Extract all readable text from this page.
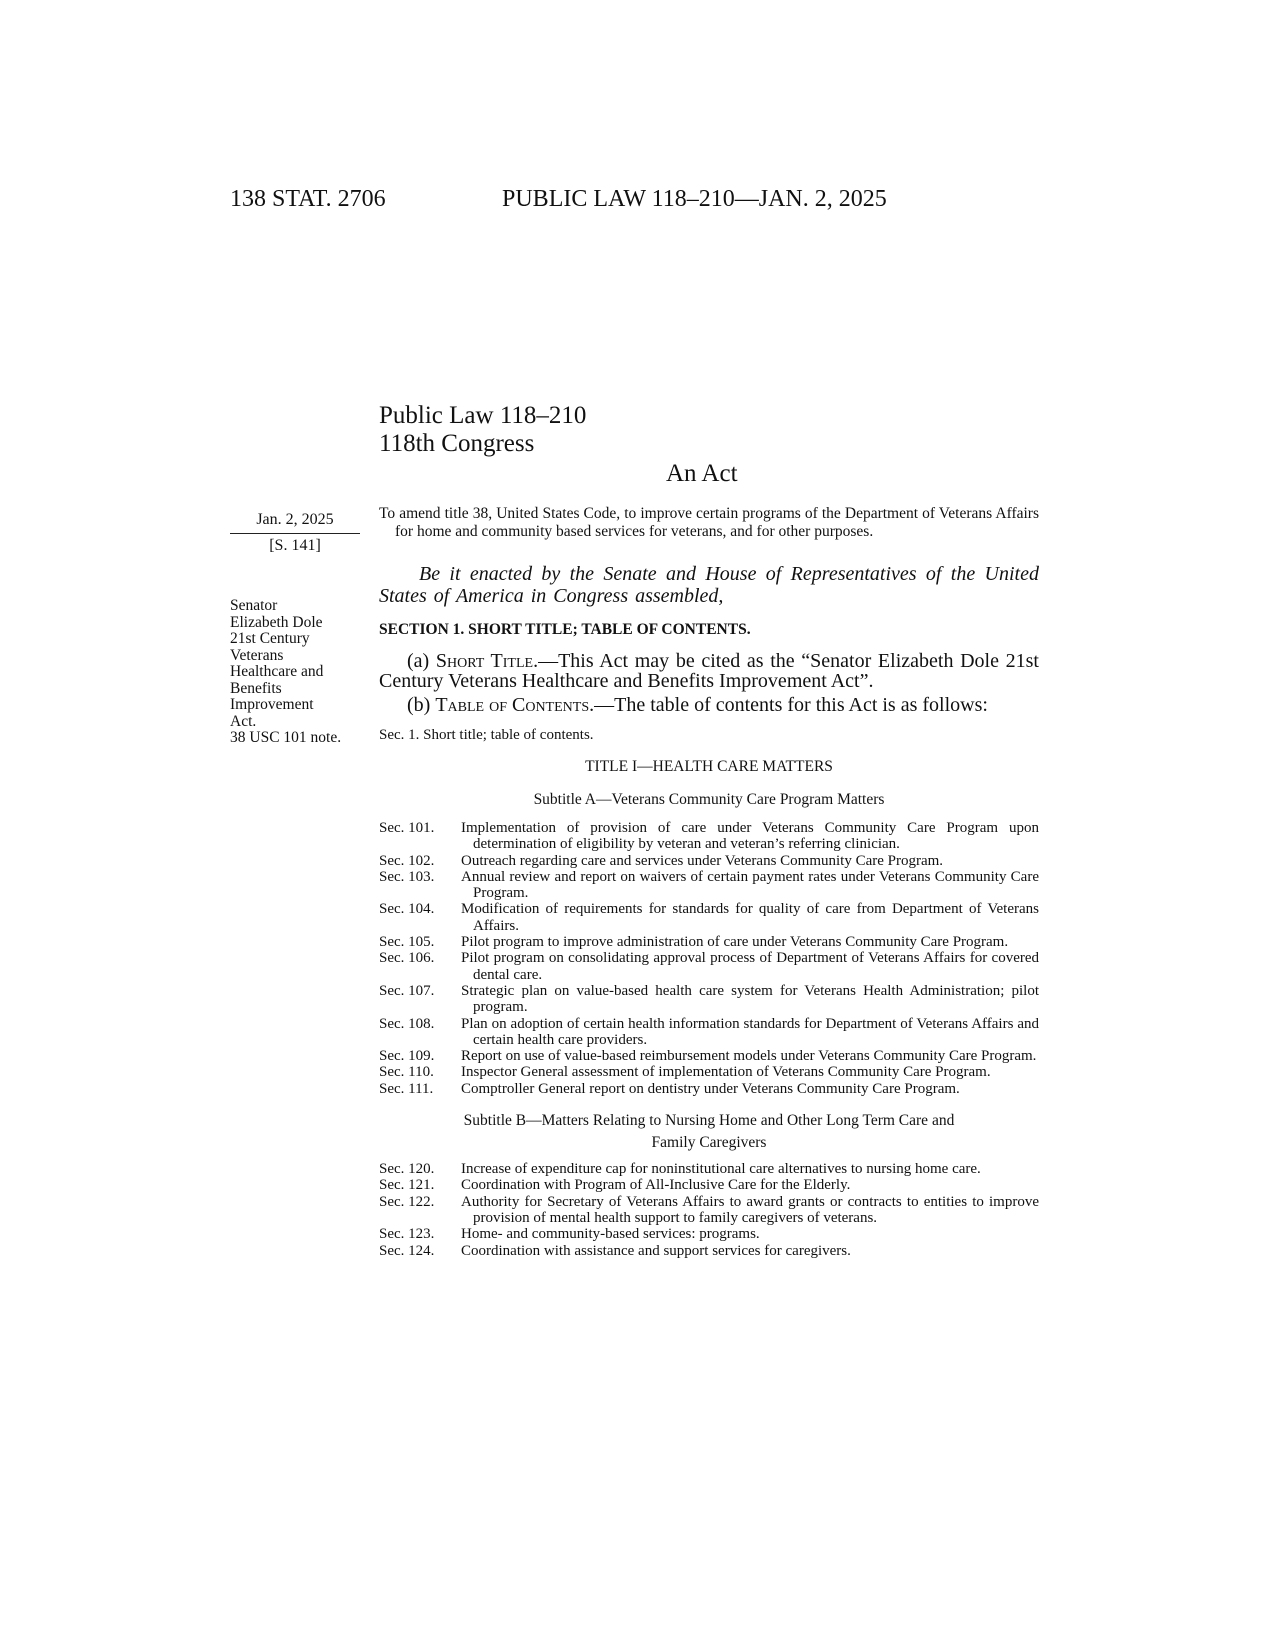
138 STAT. 2706	PUBLIC LAW 118–210—JAN. 2, 2025
Public Law 118–210
118th Congress
An Act
Jan. 2, 2025
[S. 141]
Senator
Elizabeth Dole
21st Century
Veterans
Healthcare and
Benefits
Improvement
Act.
38 USC 101 note.

To amend title 38, United States Code, to improve certain programs of the Department of Veterans Affairs for home and community based services for veterans, and for other purposes.

Be it enacted by the Senate and House of Representatives of the United States of America in Congress assembled,

SECTION 1. SHORT TITLE; TABLE OF CONTENTS.

(a) Short Title.—This Act may be cited as the “Senator Elizabeth Dole 21st Century Veterans Healthcare and Benefits Improvement Act”.

(b) Table of Contents.—The table of contents for this Act is as follows:

Sec. 1. Short title; table of contents.
TITLE I—HEALTH CARE MATTERS
Subtitle A—Veterans Community Care Program Matters
Sec. 101.	Implementation of provision of care under Veterans Community Care Program upon determination of eligibility by veteran and veteran’s referring clinician.
Sec. 102.	Outreach regarding care and services under Veterans Community Care Program.
Sec. 103.	Annual review and report on waivers of certain payment rates under Veterans Community Care Program.
Sec. 104.	Modification of requirements for standards for quality of care from Department of Veterans Affairs.
Sec. 105.	Pilot program to improve administration of care under Veterans Community Care Program.
Sec. 106.	Pilot program on consolidating approval process of Department of Veterans Affairs for covered dental care.
Sec. 107.	Strategic plan on value-based health care system for Veterans Health Administration; pilot program.
Sec. 108.	Plan on adoption of certain health information standards for Department of Veterans Affairs and certain health care providers.
Sec. 109.	Report on use of value-based reimbursement models under Veterans Community Care Program.
Sec. 110.	Inspector General assessment of implementation of Veterans Community Care Program.
Sec. 111.	Comptroller General report on dentistry under Veterans Community Care Program.
Subtitle B—Matters Relating to Nursing Home and Other Long Term Care and
Family Caregivers
Sec. 120.	Increase of expenditure cap for noninstitutional care alternatives to nursing home care.
Sec. 121.	Coordination with Program of All-Inclusive Care for the Elderly.
Sec. 122.	Authority for Secretary of Veterans Affairs to award grants or contracts to entities to improve provision of mental health support to family caregivers of veterans.
Sec. 123.	Home- and community-based services: programs.
Sec. 124.	Coordination with assistance and support services for caregivers.
